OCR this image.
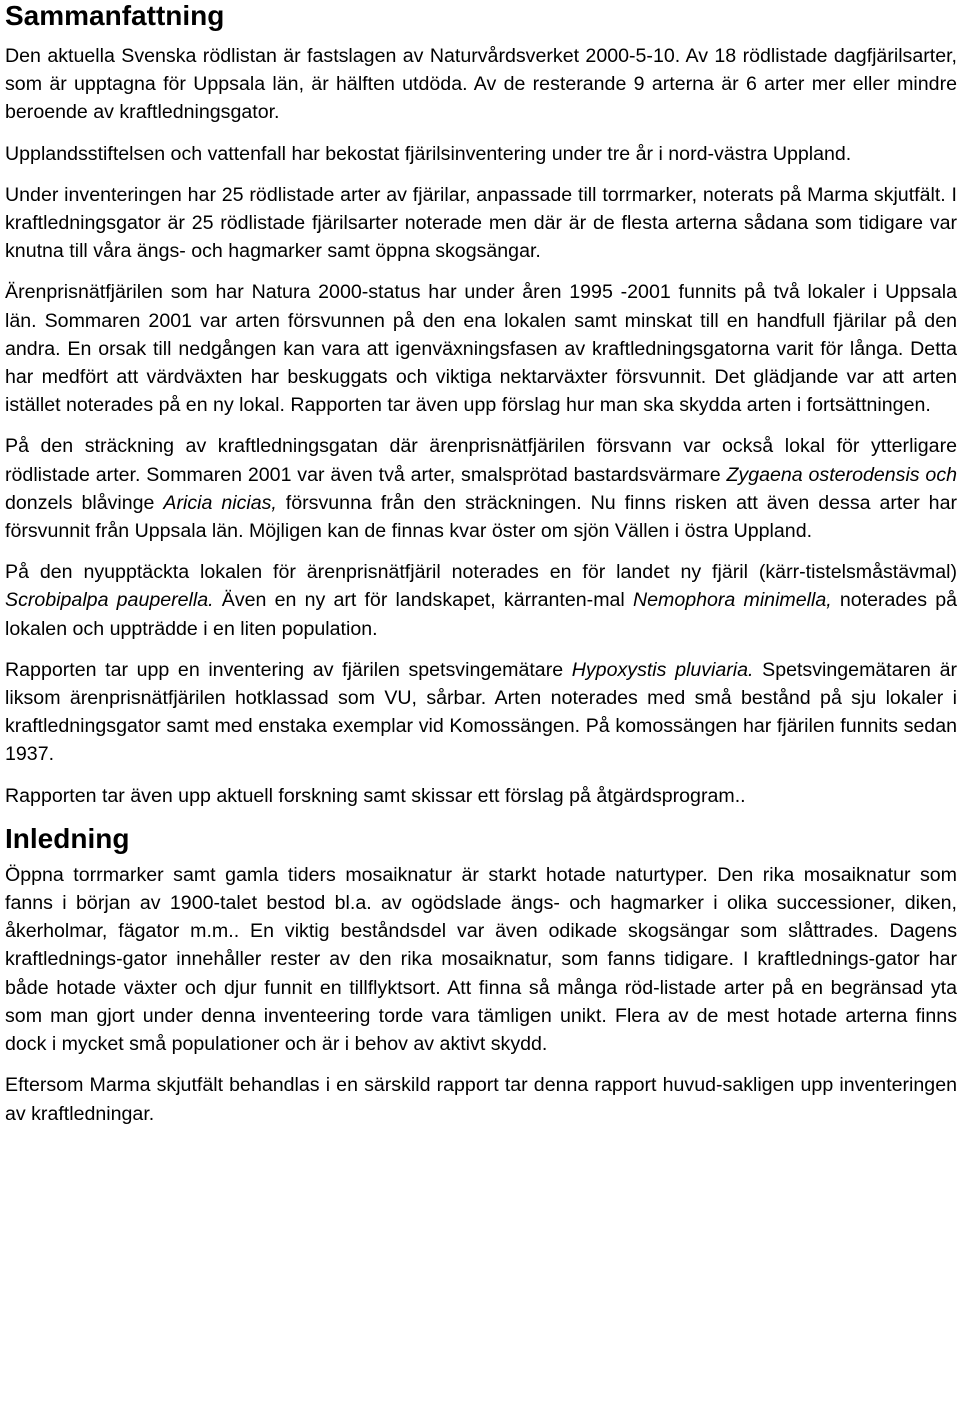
Sammanfattning

Den aktuella Svenska rödlistan är fastslagen av Naturvårdsverket 2000-5-10. Av 18 rödlistade dagfjärilsarter, som är upptagna för Uppsala län, är hälften utdöda. Av de resterande 9 arterna är 6 arter mer eller mindre beroende av kraftledningsgator.

Upplandsstiftelsen och vattenfall har bekostat fjärilsinventering under tre år i nord-västra Uppland.

Under inventeringen har 25 rödlistade arter av fjärilar, anpassade till torrmarker, noterats på Marma skjutfält. I kraftledningsgator är 25 rödlistade fjärilsarter noterade men där är de flesta arterna sådana som tidigare var knutna till våra ängs- och hagmarker samt öppna skogsängar.

Ärenprisnätfjärilen som har Natura 2000-status har under åren 1995 -2001 funnits på två lokaler i Uppsala län. Sommaren 2001 var arten försvunnen på den ena lokalen samt minskat till en handfull fjärilar på den andra. En orsak till nedgången kan vara att igenväxningsfasen av kraftledningsgatorna varit för långa. Detta har medfört att värdväxten har beskuggats och viktiga nektarväxter försvunnit. Det glädjande var att arten istället noterades på en ny lokal. Rapporten tar även upp förslag hur man ska skydda arten i fortsättningen.

På den sträckning av kraftledningsgatan där ärenprisnätfjärilen försvann var också lokal för ytterligare rödlistade arter. Sommaren 2001 var även två arter, smalsprötad bastardsvärmare Zygaena osterodensis och donzels blåvinge Aricia nicias, försvunna från den sträckningen. Nu finns risken att även dessa arter har försvunnit från Uppsala län. Möjligen kan de finnas kvar öster om sjön Vällen i östra Uppland.

På den nyupptäckta lokalen för ärenprisnätfjäril noterades en för landet ny fjäril (kärr-tistelsmåstävmal) Scrobipalpa pauperella. Även en ny art för landskapet, kärranten-mal Nemophora minimella, noterades på lokalen och uppträdde i en liten population.

Rapporten tar upp en inventering av fjärilen spetsvingemätare Hypoxystis pluviaria. Spetsvingemätaren är liksom ärenprisnätfjärilen hotklassad som VU, sårbar. Arten noterades med små bestånd på sju lokaler i kraftledningsgator samt med enstaka exemplar vid Komossängen. På komossängen har fjärilen funnits sedan 1937.

Rapporten tar även upp aktuell forskning samt skissar ett förslag på åtgärdsprogram..

Inledning

Öppna torrmarker samt gamla tiders mosaiknatur är starkt hotade naturtyper. Den rika mosaiknatur som fanns i början av 1900-talet bestod bl.a. av ogödslade ängs- och hagmarker i olika successioner, diken, åkerholmar, fägator m.m.. En viktig beståndsdel var även odikade skogsängar som slåttrades. Dagens kraftlednings-gator innehåller rester av den rika mosaiknatur, som fanns tidigare. I kraftlednings-gator har både hotade växter och djur funnit en tillflyktsort. Att finna så många röd-listade arter på en begränsad yta som man gjort under denna inventeering torde vara tämligen unikt. Flera av de mest hotade arterna finns dock i mycket små populationer och är i behov av aktivt skydd.

Eftersom Marma skjutfält behandlas i en särskild rapport tar denna rapport huvud-sakligen upp inventeringen av kraftledningar.
